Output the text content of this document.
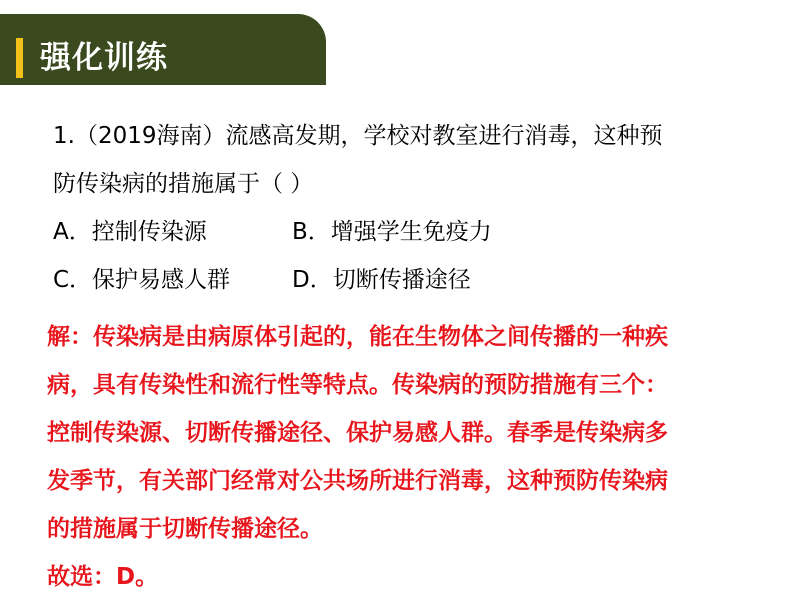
强化训练
1.（2019海南）流感高发期，学校对教室进行消毒，这种预
防传染病的措施属于（ ）
A．控制传染源	B．增强学生免疫力
C．保护易感人群	D．切断传播途径
解：传染病是由病原体引起的，能在生物体之间传播的一种疾
病，具有传染性和流行性等特点。传染病的预防措施有三个：
控制传染源、切断传播途径、保护易感人群。春季是传染病多
发季节，有关部门经常对公共场所进行消毒，这种预防传染病
的措施属于切断传播途径。
故选：D。
